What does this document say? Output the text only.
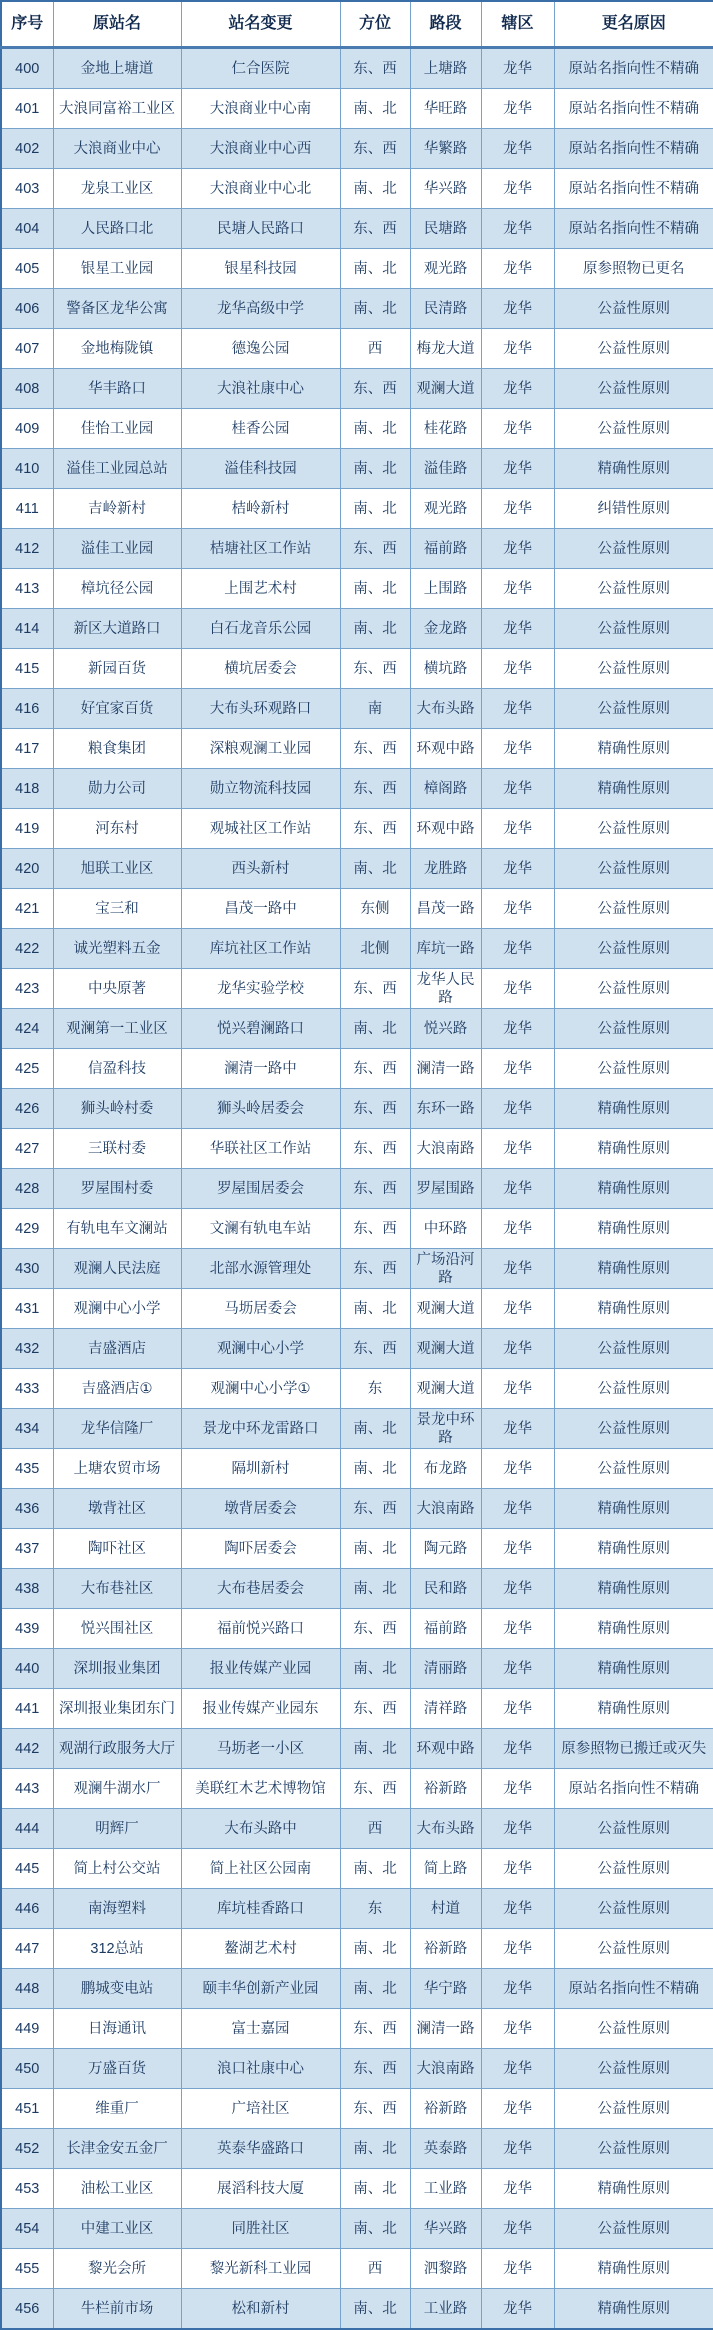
序号	原站名	站名变更	方位	路段	辖区	更名原因
400	金地上塘道	仁合医院	东、西	上塘路	龙华	原站名指向性不精确
401	大浪同富裕工业区	大浪商业中心南	南、北	华旺路	龙华	原站名指向性不精确
402	大浪商业中心	大浪商业中心西	东、西	华繁路	龙华	原站名指向性不精确
403	龙泉工业区	大浪商业中心北	南、北	华兴路	龙华	原站名指向性不精确
404	人民路口北	民塘人民路口	东、西	民塘路	龙华	原站名指向性不精确
405	银星工业园	银星科技园	南、北	观光路	龙华	原参照物已更名
406	警备区龙华公寓	龙华高级中学	南、北	民清路	龙华	公益性原则
407	金地梅陇镇	德逸公园	西	梅龙大道	龙华	公益性原则
408	华丰路口	大浪社康中心	东、西	观澜大道	龙华	公益性原则
409	佳怡工业园	桂香公园	南、北	桂花路	龙华	公益性原则
410	溢佳工业园总站	溢佳科技园	南、北	溢佳路	龙华	精确性原则
411	吉岭新村	桔岭新村	南、北	观光路	龙华	纠错性原则
412	溢佳工业园	桔塘社区工作站	东、西	福前路	龙华	公益性原则
413	樟坑径公园	上围艺术村	南、北	上围路	龙华	公益性原则
414	新区大道路口	白石龙音乐公园	南、北	金龙路	龙华	公益性原则
415	新园百货	横坑居委会	东、西	横坑路	龙华	公益性原则
416	好宜家百货	大布头环观路口	南	大布头路	龙华	公益性原则
417	粮食集团	深粮观澜工业园	东、西	环观中路	龙华	精确性原则
418	勋力公司	勋立物流科技园	东、西	樟阁路	龙华	精确性原则
419	河东村	观城社区工作站	东、西	环观中路	龙华	公益性原则
420	旭联工业区	西头新村	南、北	龙胜路	龙华	公益性原则
421	宝三和	昌茂一路中	东侧	昌茂一路	龙华	公益性原则
422	诚光塑料五金	库坑社区工作站	北侧	库坑一路	龙华	公益性原则
423	中央原著	龙华实验学校	东、西	龙华人民路	龙华	公益性原则
424	观澜第一工业区	悦兴碧澜路口	南、北	悦兴路	龙华	公益性原则
425	信盈科技	澜清一路中	东、西	澜清一路	龙华	公益性原则
426	狮头岭村委	狮头岭居委会	东、西	东环一路	龙华	精确性原则
427	三联村委	华联社区工作站	东、西	大浪南路	龙华	精确性原则
428	罗屋围村委	罗屋围居委会	东、西	罗屋围路	龙华	精确性原则
429	有轨电车文澜站	文澜有轨电车站	东、西	中环路	龙华	精确性原则
430	观澜人民法庭	北部水源管理处	东、西	广场沿河路	龙华	精确性原则
431	观澜中心小学	马坜居委会	南、北	观澜大道	龙华	精确性原则
432	吉盛酒店	观澜中心小学	东、西	观澜大道	龙华	公益性原则
433	吉盛酒店①	观澜中心小学①	东	观澜大道	龙华	公益性原则
434	龙华信隆厂	景龙中环龙雷路口	南、北	景龙中环路	龙华	公益性原则
435	上塘农贸市场	隔圳新村	南、北	布龙路	龙华	公益性原则
436	墩背社区	墩背居委会	东、西	大浪南路	龙华	精确性原则
437	陶吓社区	陶吓居委会	南、北	陶元路	龙华	精确性原则
438	大布巷社区	大布巷居委会	南、北	民和路	龙华	精确性原则
439	悦兴围社区	福前悦兴路口	东、西	福前路	龙华	精确性原则
440	深圳报业集团	报业传媒产业园	南、北	清丽路	龙华	精确性原则
441	深圳报业集团东门	报业传媒产业园东	东、西	清祥路	龙华	精确性原则
442	观湖行政服务大厅	马坜老一小区	南、北	环观中路	龙华	原参照物已搬迁或灭失
443	观澜牛湖水厂	美联红木艺术博物馆	东、西	裕新路	龙华	原站名指向性不精确
444	明辉厂	大布头路中	西	大布头路	龙华	公益性原则
445	简上村公交站	简上社区公园南	南、北	简上路	龙华	公益性原则
446	南海塑料	库坑桂香路口	东	村道	龙华	公益性原则
447	312总站	鳌湖艺术村	南、北	裕新路	龙华	公益性原则
448	鹏城变电站	颐丰华创新产业园	南、北	华宁路	龙华	原站名指向性不精确
449	日海通讯	富士嘉园	东、西	澜清一路	龙华	公益性原则
450	万盛百货	浪口社康中心	东、西	大浪南路	龙华	公益性原则
451	维重厂	广培社区	东、西	裕新路	龙华	公益性原则
452	长津金安五金厂	英泰华盛路口	南、北	英泰路	龙华	公益性原则
453	油松工业区	展滔科技大厦	南、北	工业路	龙华	精确性原则
454	中建工业区	同胜社区	南、北	华兴路	龙华	公益性原则
455	黎光会所	黎光新科工业园	西	泗黎路	龙华	精确性原则
456	牛栏前市场	松和新村	南、北	工业路	龙华	精确性原则
